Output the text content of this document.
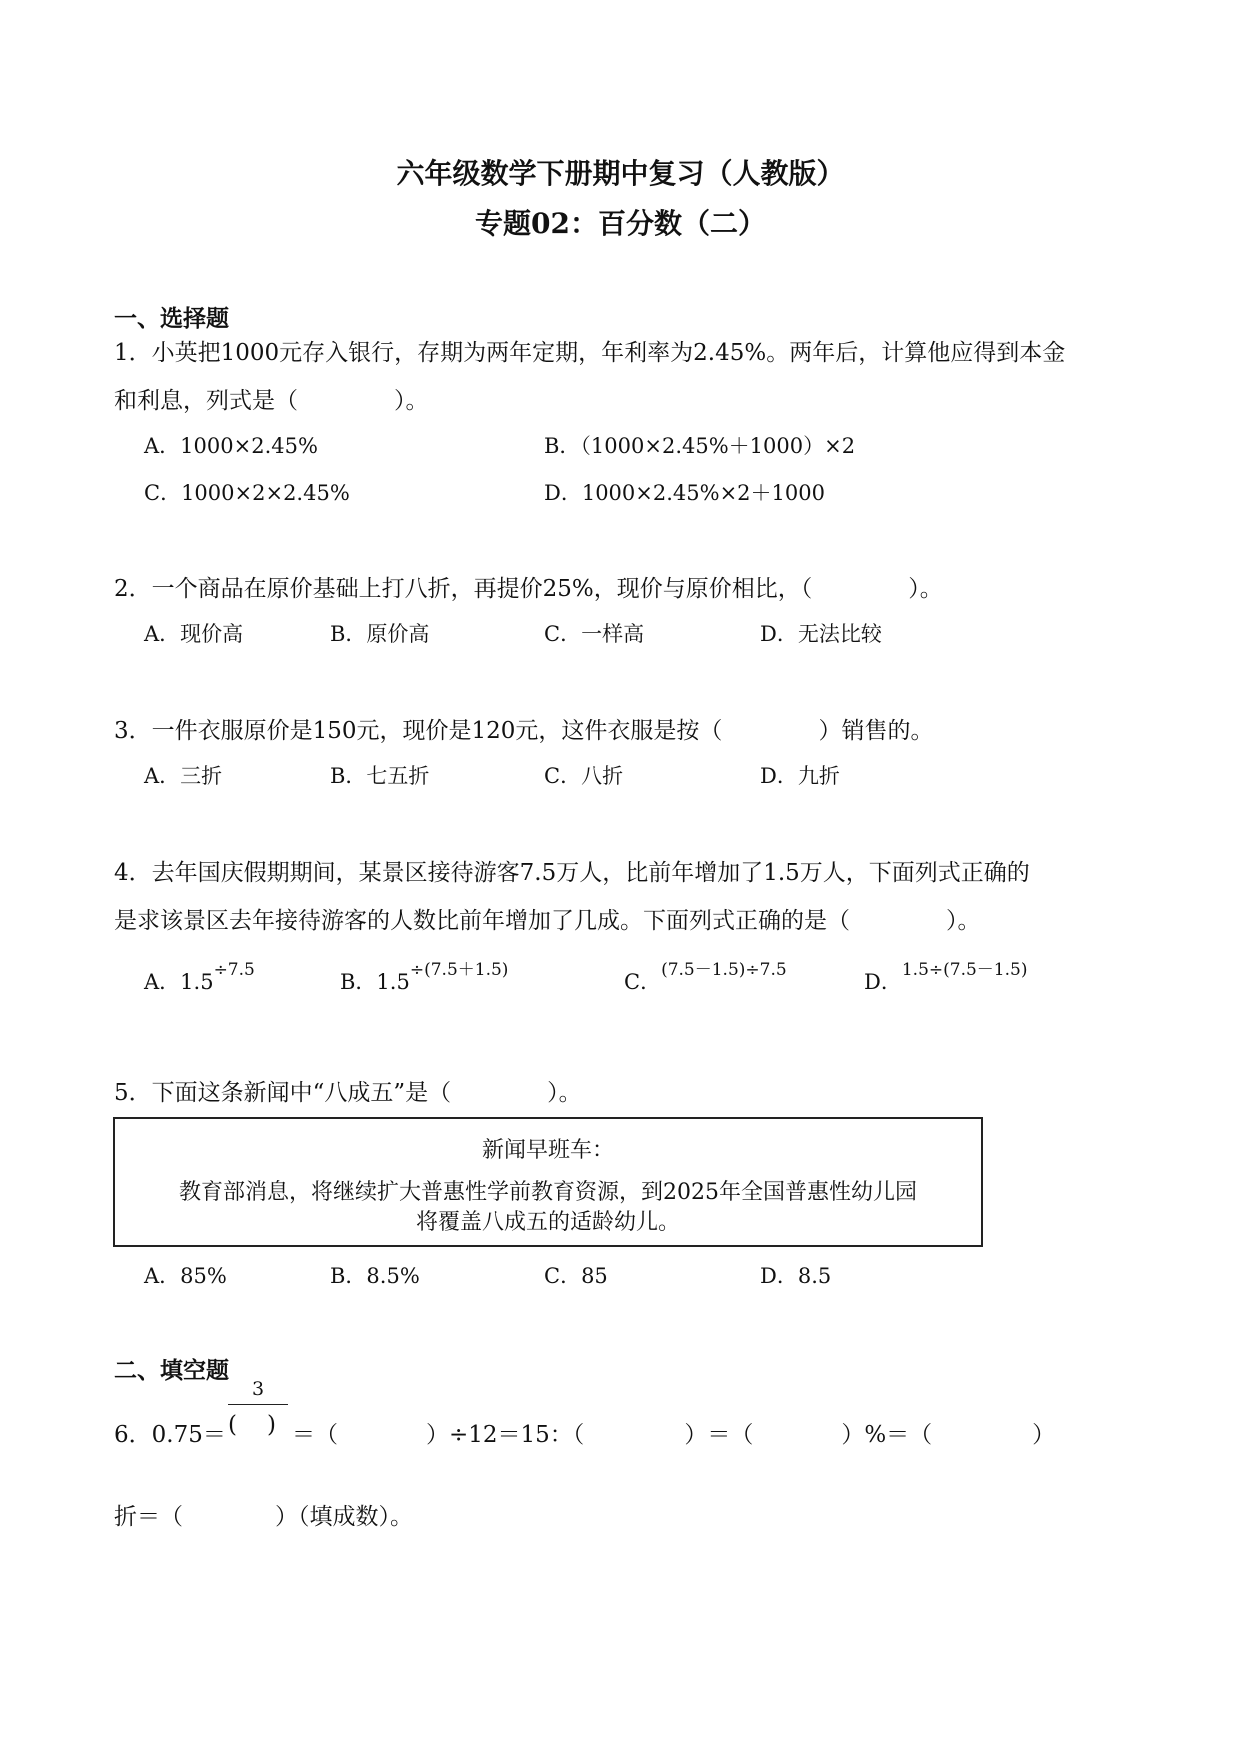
六年级数学下册期中复习（人教版）
专题02：百分数（二）
一、选择题
1．小英把1000元存入银行，存期为两年定期，年利率为2.45%。两年后，计算他应得到本金
和利息，列式是（	）。
A．1000×2.45%	B．（1000×2.45%＋1000）×2
C．1000×2×2.45%	D．1000×2.45%×2＋1000
2．一个商品在原价基础上打八折，再提价25%，现价与原价相比，（	）。
A．现价高	B．原价高	C．一样高	D．无法比较
3．一件衣服原价是150元，现价是120元，这件衣服是按（	）销售的。
A．三折	B．七五折	C．八折	D．九折
4．去年国庆假期期间，某景区接待游客7.5万人，比前年增加了1.5万人，下面列式正确的
是求该景区去年接待游客的人数比前年增加了几成。下面列式正确的是（	）。
A．$1.5^{\div 7.5}$	B．$1.5^{\div(7.5+1.5)}$	C．$^{(7.5-1.5)\div 7.5}$	D．$^{1.5\div(7.5-1.5)}$
5．下面这条新闻中“八成五”是（	）。
新闻早班车：
教育部消息，将继续扩大普惠性学前教育资源，到2025年全国普惠性幼儿园
将覆盖八成五的适龄幼儿。
A．85%	B．8.5%	C．85	D．8.5
二、填空题
6．0.75＝
3
( ) ＝（	）÷12＝15：（	）＝（	）%＝（	）
折＝（	）（填成数）。
